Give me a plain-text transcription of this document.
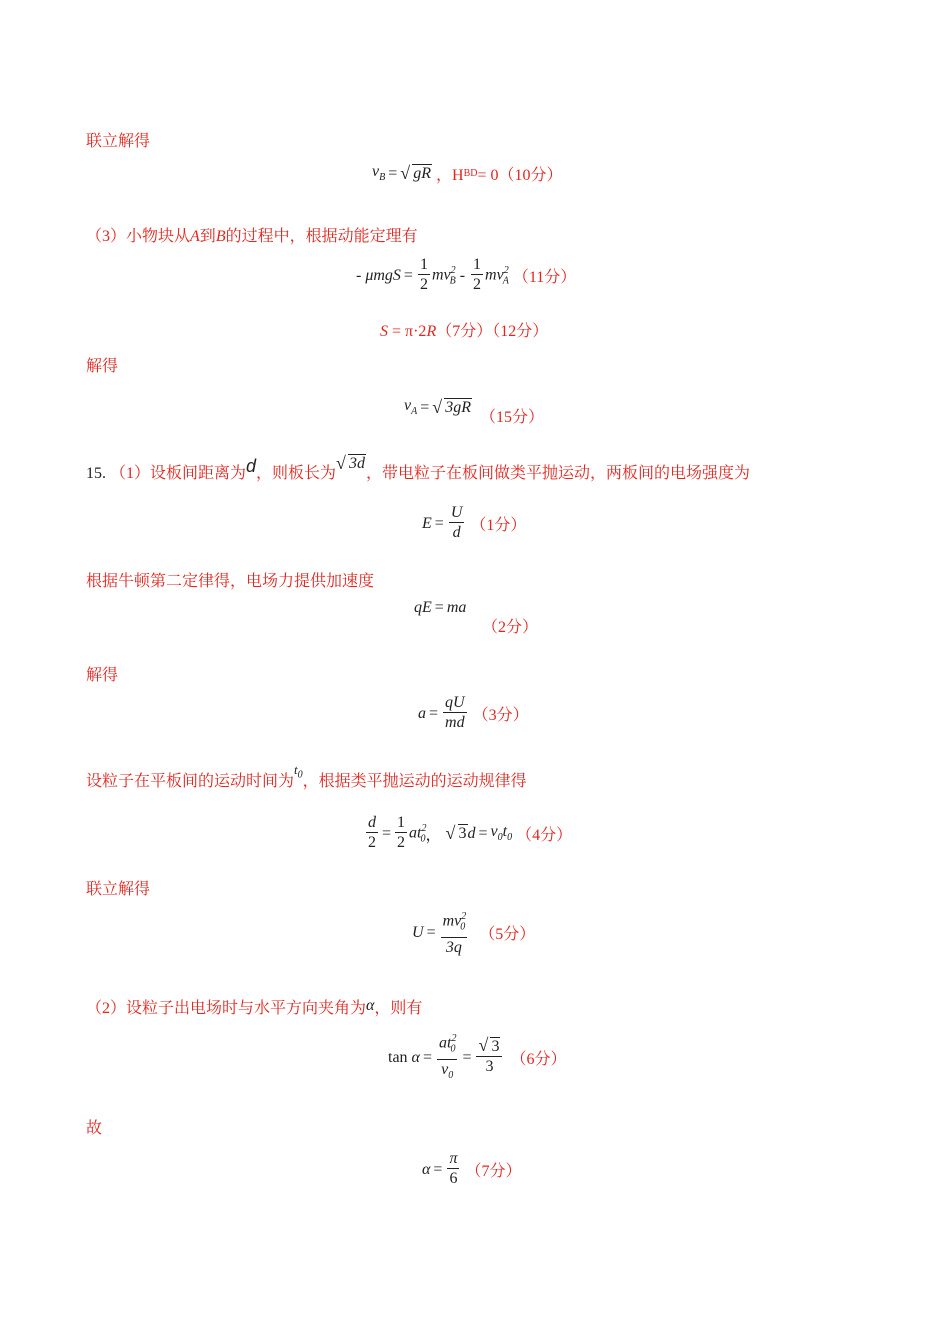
联立解得
$v_B$ = √ gR ，H BD = 0（10分）
（3）小物块从A到B的过程中，根据动能定理有
- $\mu mgS = \frac{1}{2} mv^2_B - \frac{1}{2} mv^2_A$ （11分）
S = π·2R（7分）（12分）
解得
$v_A$ = √ 3gR
（15分）
15. （1）设板间距离为d，则板长为
√ 3d，带电粒子在板间做类平抛运动，两板间的电场强度为
$E = \frac{U}{d} (1$分）
根据牛顿第二定律得，电场力提供加速度
qE = ma
（2分）
解得
$a = \frac{qU}{md} (3$分）
设粒子在平板间的运动时间为$^{t_0}$，根据类平抛运动的运动规律得
$\frac{d}{2} = \frac{1}{2} at^2_0$ ， √ 3 $d = v_0t_0$ （4分）
联立解得
$U = \frac{mv^2_0}{3q} (5$分）
（2）设粒子出电场时与水平方向夹角为α，则有
$\tan \alpha = \frac{at^2_0}{v_0} = \frac{√ 3}{3} (6$分）
故
$\alpha = \frac{\pi}{6} (7$分）
